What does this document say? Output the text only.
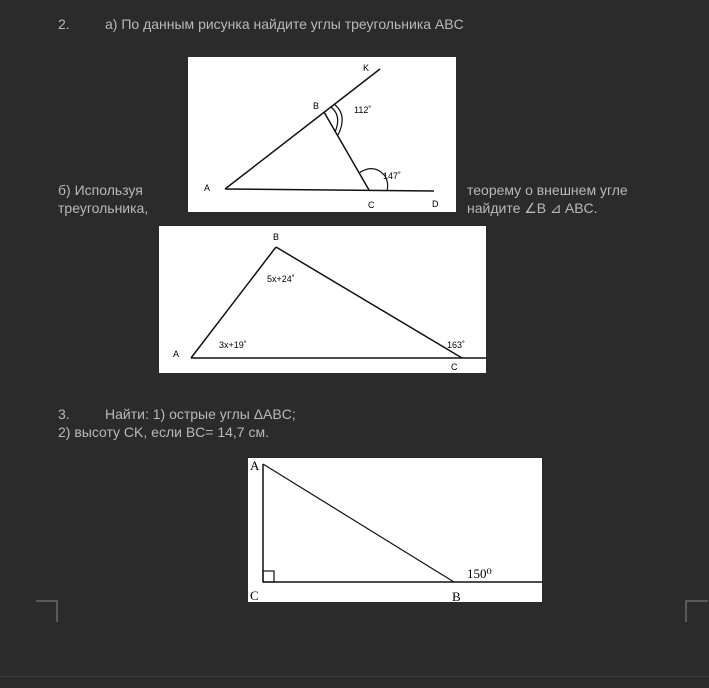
2.	а) По данным рисунка найдите углы треугольника ABC
K
B
A
C	D
112˚
147˚
б) Используя
треугольника,
теорему о внешнем угле
найдите ∠B ⊿ ABC.
B
A
C
5x+24˚
3x+19˚	163˚
3.	Найти: 1) острые углы ΔABC;
2) высоту CK, если BC= 14,7 см.
A
C	B
150⁰
